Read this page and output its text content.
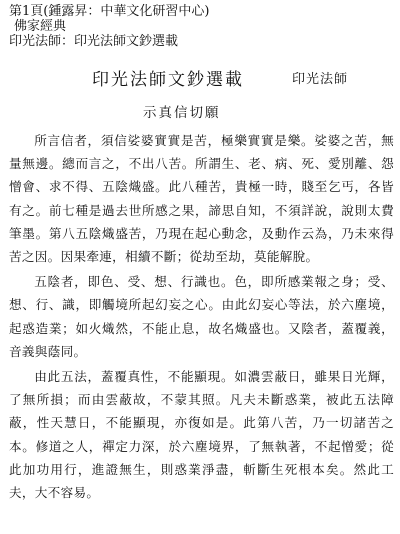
第1頁(鍾露昇：中華文化研習中心)
佛家經典
印光法師：印光法師文鈔選載
印光法師文鈔選載	印光法師
示真信切願

所言信者，須信娑婆實實是苦，極樂實實是樂。娑婆之苦，無量無邊。總而言之，不出八苦。所謂生、老、病、死、愛別離、怨憎會、求不得、五陰熾盛。此八種苦，貴極一時，賤至乞丐，各皆有之。前七種是過去世所感之果，諦思自知，不須詳說，說則太費筆墨。第八五陰熾盛苦，乃現在起心動念，及動作云為，乃未來得苦之因。因果牽連，相續不斷；從劫至劫，莫能解脫。

五陰者，即色、受、想、行識也。色，即所感業報之身；受、想、行、識，即觸境所起幻妄之心。由此幻妄心等法，於六塵境，起惑造業；如火熾然，不能止息，故名熾盛也。又陰者，蓋覆義，音義與蔭同。

由此五法，蓋覆真性，不能顯現。如濃雲蔽日，雖果日光輝，了無所損；而由雲蔽故，不蒙其照。凡夫未斷惑業，被此五法障蔽，性天慧日，不能顯現，亦復如是。此第八苦，乃一切諸苦之本。修道之人，禪定力深，於六塵境界，了無執著，不起憎愛；從此加功用行，進證無生，則惑業淨盡，斬斷生死根本矣。然此工夫，大不容易。
